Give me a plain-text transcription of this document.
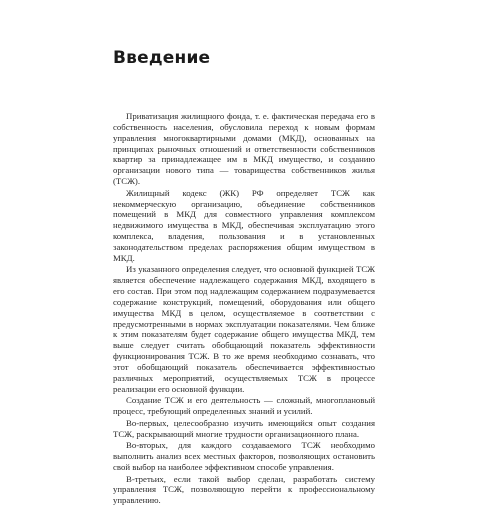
Введение

Приватизация жилищного фонда, т. е. фактическая передача его в собственность населения, обусловила переход к новым формам управления многоквартирными домами (МКД), основанных на принципах рыночных отношений и ответственности собственников квартир за принадлежащее им в МКД имущество, и созданию организации нового типа — товарищества собственников жилья (ТСЖ).

Жилищный кодекс (ЖК) РФ определяет ТСЖ как некоммерческую организацию, объединение собственников помещений в МКД для совместного управления комплексом недвижимого имущества в МКД, обеспечивая эксплуатацию этого комплекса, владения, пользования и в установленных законодательством пределах распоряжения общим имуществом в МКД.

Из указанного определения следует, что основной функцией ТСЖ является обеспечение надлежащего содержания МКД, входящего в его состав. При этом под надлежащим содержанием подразумевается содержание конструкций, помещений, оборудования или общего имущества МКД в целом, осуществляемое в соответствии с предусмотренными в нормах эксплуатации показателями. Чем ближе к этим показателям будет содержание общего имущества МКД, тем выше следует считать обобщающий показатель эффективности функционирования ТСЖ. В то же время необходимо сознавать, что этот обобщающий показатель обеспечивается эффективностью различных мероприятий, осуществляемых ТСЖ в процессе реализации его основной функции.

Создание ТСЖ и его деятельность — сложный, многоплановый процесс, требующий определенных знаний и усилий.

Во-первых, целесообразно изучить имеющийся опыт создания ТСЖ, раскрывающий многие трудности организационного плана.

Во-вторых, для каждого создаваемого ТСЖ необходимо выполнить анализ всех местных факторов, позволяющих остановить свой выбор на наиболее эффективном способе управления.

В-третьих, если такой выбор сделан, разработать систему управления ТСЖ, позволяющую перейти к профессиональному управлению.
